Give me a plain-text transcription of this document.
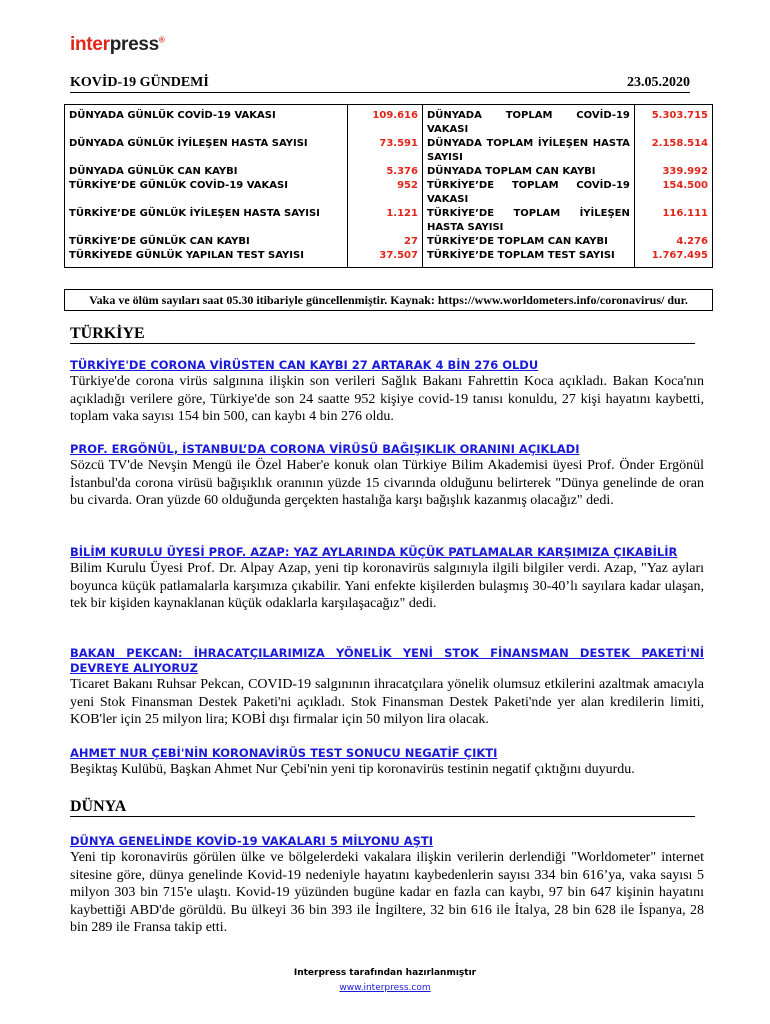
interpress®
KOVİD-19 GÜNDEMİ	23.05.2020
DÜNYADA GÜNLÜK COVİD-19 VAKASI	109.616	DÜNYADA TOPLAM COVİD-19 VAKASI	5.303.715
DÜNYADA GÜNLÜK İYİLEŞEN HASTA SAYISI	73.591	DÜNYADA TOPLAM İYİLEŞEN HASTA SAYISI	2.158.514
DÜNYADA GÜNLÜK CAN KAYBI	5.376	DÜNYADA TOPLAM CAN KAYBI	339.992
TÜRKİYE’DE GÜNLÜK COVİD-19 VAKASI	952	TÜRKİYE’DE TOPLAM COVİD-19 VAKASI	154.500
TÜRKİYE’DE GÜNLÜK İYİLEŞEN HASTA SAYISI	1.121	TÜRKİYE’DE TOPLAM İYİLEŞEN HASTA SAYISI	116.111
TÜRKİYE’DE GÜNLÜK CAN KAYBI	27	TÜRKİYE’DE TOPLAM CAN KAYBI	4.276
TÜRKİYEDE GÜNLÜK YAPILAN TEST SAYISI	37.507	TÜRKİYE’DE TOPLAM TEST SAYISI	1.767.495
Vaka ve ölüm sayıları saat 05.30 itibariyle güncellenmiştir. Kaynak: https://www.worldometers.info/coronavirus/ dur.
TÜRKİYE
TÜRKİYE'DE CORONA VİRÜSTEN CAN KAYBI 27 ARTARAK 4 BİN 276 OLDU
Türkiye'de corona virüs salgınına ilişkin son verileri Sağlık Bakanı Fahrettin Koca açıkladı. Bakan Koca'nın açıkladığı verilere göre, Türkiye'de son 24 saatte 952 kişiye covid-19 tanısı konuldu, 27 kişi hayatını kaybetti, toplam vaka sayısı 154 bin 500, can kaybı 4 bin 276 oldu.
PROF. ERGÖNÜL, İSTANBUL’DA CORONA VİRÜSÜ BAĞIŞIKLIK ORANINI AÇIKLADI
Sözcü TV'de Nevşin Mengü ile Özel Haber'e konuk olan Türkiye Bilim Akademisi üyesi Prof. Önder Ergönül İstanbul'da corona virüsü bağışıklık oranının yüzde 15 civarında olduğunu belirterek "Dünya genelinde de oran bu civarda. Oran yüzde 60 olduğunda gerçekten hastalığa karşı bağışlık kazanmış olacağız" dedi.
BİLİM KURULU ÜYESİ PROF. AZAP: YAZ AYLARINDA KÜÇÜK PATLAMALAR KARŞIMIZA ÇIKABİLİR
Bilim Kurulu Üyesi Prof. Dr. Alpay Azap, yeni tip koronavirüs salgınıyla ilgili bilgiler verdi. Azap, "Yaz ayları boyunca küçük patlamalarla karşımıza çıkabilir. Yani enfekte kişilerden bulaşmış 30-40’lı sayılara kadar ulaşan, tek bir kişiden kaynaklanan küçük odaklarla karşılaşacağız" dedi.
BAKAN PEKCAN: İHRACATÇILARIMIZA YÖNELİK YENİ STOK FİNANSMAN DESTEK PAKETİ'Nİ DEVREYE ALIYORUZ
Ticaret Bakanı Ruhsar Pekcan, COVID-19 salgınının ihracatçılara yönelik olumsuz etkilerini azaltmak amacıyla yeni Stok Finansman Destek Paketi'ni açıkladı. Stok Finansman Destek Paketi'nde yer alan kredilerin limiti, KOB'ler için 25 milyon lira; KOBİ dışı firmalar için 50 milyon lira olacak.
AHMET NUR ÇEBİ'NİN KORONAVİRÜS TEST SONUCU NEGATİF ÇIKTI
Beşiktaş Kulübü, Başkan Ahmet Nur Çebi'nin yeni tip koronavirüs testinin negatif çıktığını duyurdu.
DÜNYA
DÜNYA GENELİNDE KOVİD-19 VAKALARI 5 MİLYONU AŞTI
Yeni tip koronavirüs görülen ülke ve bölgelerdeki vakalara ilişkin verilerin derlendiği "Worldometer" internet sitesine göre, dünya genelinde Kovid-19 nedeniyle hayatını kaybedenlerin sayısı 334 bin 616’ya, vaka sayısı 5 milyon 303 bin 715'e ulaştı. Kovid-19 yüzünden bugüne kadar en fazla can kaybı, 97 bin 647 kişinin hayatını kaybettiği ABD'de görüldü. Bu ülkeyi 36 bin 393 ile İngiltere, 32 bin 616 ile İtalya, 28 bin 628 ile İspanya, 28 bin 289 ile Fransa takip etti.
Interpress tarafından hazırlanmıştır
www.interpress.com
